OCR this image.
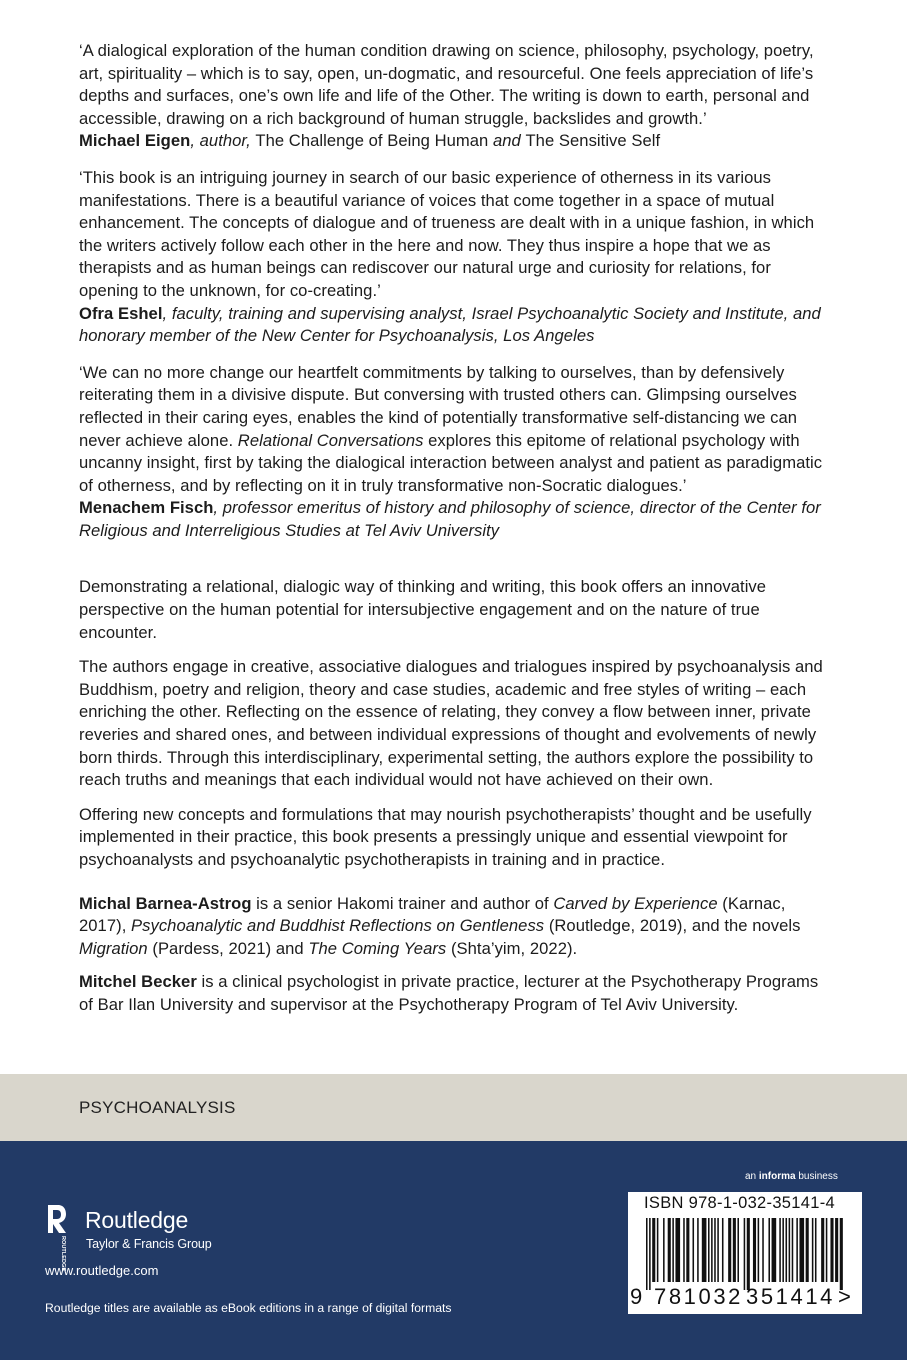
‘A dialogical exploration of the human condition drawing on science, philosophy, psychology, poetry, art, spirituality – which is to say, open, un-dogmatic, and resourceful. One feels appreciation of life’s depths and surfaces, one’s own life and life of the Other. The writing is down to earth, personal and accessible, drawing on a rich background of human struggle, backslides and growth.’
Michael Eigen, author, The Challenge of Being Human and The Sensitive Self

‘This book is an intriguing journey in search of our basic experience of otherness in its various manifestations. There is a beautiful variance of voices that come together in a space of mutual enhancement. The concepts of dialogue and of trueness are dealt with in a unique fashion, in which the writers actively follow each other in the here and now. They thus inspire a hope that we as therapists and as human beings can rediscover our natural urge and curiosity for relations, for opening to the unknown, for co-creating.’
Ofra Eshel, faculty, training and supervising analyst, Israel Psychoanalytic Society and Institute, and honorary member of the New Center for Psychoanalysis, Los Angeles

‘We can no more change our heartfelt commitments by talking to ourselves, than by defensively reiterating them in a divisive dispute. But conversing with trusted others can. Glimpsing ourselves reflected in their caring eyes, enables the kind of potentially transformative self-distancing we can never achieve alone. Relational Conversations explores this epitome of relational psychology with uncanny insight, first by taking the dialogical interaction between analyst and patient as paradigmatic of otherness, and by reflecting on it in truly transformative non-Socratic dialogues.’
Menachem Fisch, professor emeritus of history and philosophy of science, director of the Center for Religious and Interreligious Studies at Tel Aviv University

Demonstrating a relational, dialogic way of thinking and writing, this book offers an innovative perspective on the human potential for intersubjective engagement and on the nature of true encounter.

The authors engage in creative, associative dialogues and trialogues inspired by psychoanalysis and Buddhism, poetry and religion, theory and case studies, academic and free styles of writing – each enriching the other. Reflecting on the essence of relating, they convey a flow between inner, private reveries and shared ones, and between individual expressions of thought and evolvements of newly born thirds. Through this interdisciplinary, experimental setting, the authors explore the possibility to reach truths and meanings that each individual would not have achieved on their own.

Offering new concepts and formulations that may nourish psychotherapists’ thought and be usefully implemented in their practice, this book presents a pressingly unique and essential viewpoint for psychoanalysts and psychoanalytic psychotherapists in training and in practice.

Michal Barnea-Astrog is a senior Hakomi trainer and author of Carved by Experience (Karnac, 2017), Psychoanalytic and Buddhist Reflections on Gentleness (Routledge, 2019), and the novels Migration (Pardess, 2021) and The Coming Years (Shta’yim, 2022).

Mitchel Becker is a clinical psychologist in private practice, lecturer at the Psychotherapy Programs of Bar Ilan University and supervisor at the Psychotherapy Program of Tel Aviv University.

PSYCHOANALYSIS
an informa business
ROUTLEDGE
Routledge
Taylor & Francis Group
www.routledge.com
Routledge titles are available as eBook editions in a range of digital formats
ISBN 978-1-032-35141-4
9 781032 351414 >
